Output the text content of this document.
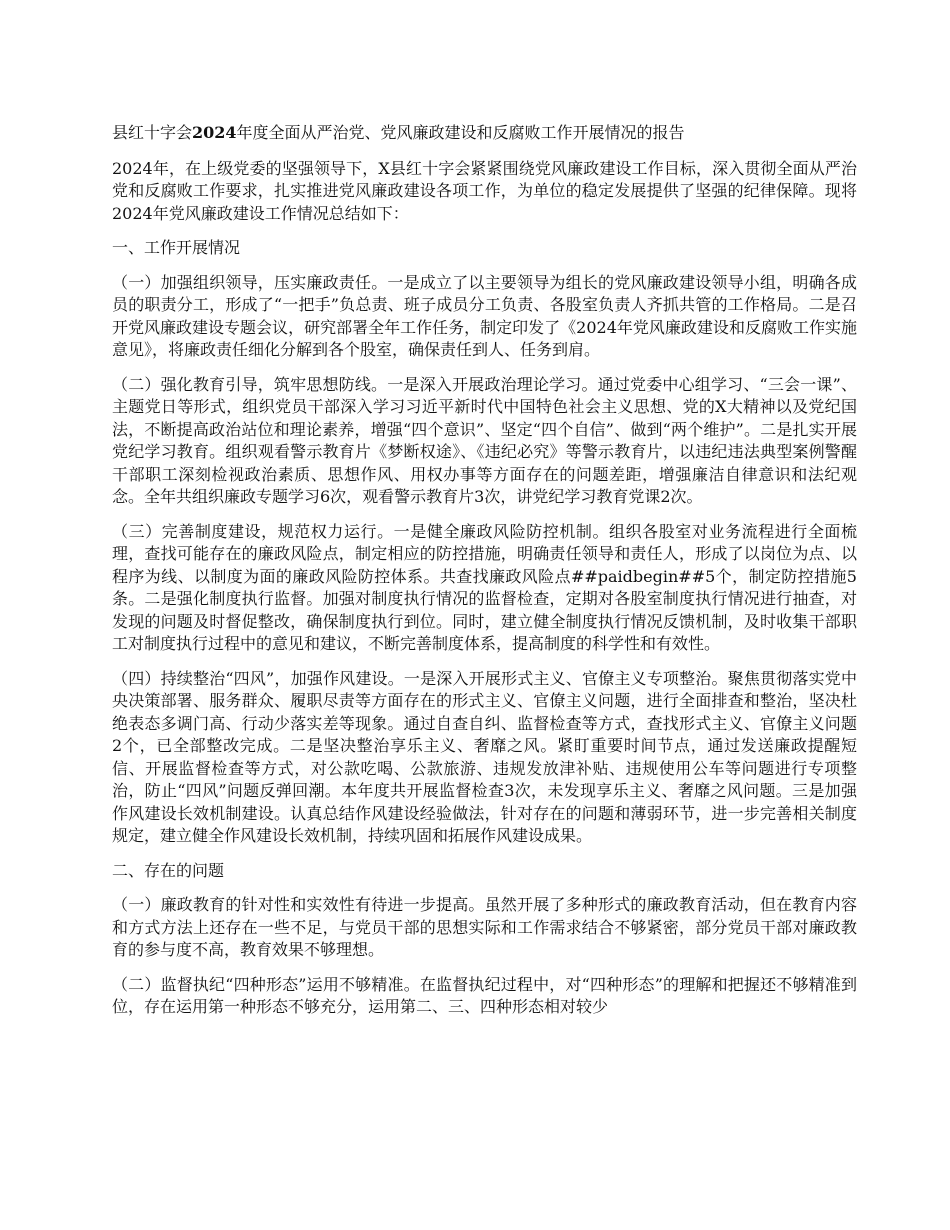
县红十字会2024年度全面从严治党、党风廉政建设和反腐败工作开展情况的报告

2024年，在上级党委的坚强领导下，X县红十字会紧紧围绕党风廉政建设工作目标，深入贯彻全面从严治党和反腐败工作要求，扎实推进党风廉政建设各项工作，为单位的稳定发展提供了坚强的纪律保障。现将2024年党风廉政建设工作情况总结如下：

一、工作开展情况

（一）加强组织领导，压实廉政责任。一是成立了以主要领导为组长的党风廉政建设领导小组，明确各成员的职责分工，形成了“一把手”负总责、班子成员分工负责、各股室负责人齐抓共管的工作格局。二是召开党风廉政建设专题会议，研究部署全年工作任务，制定印发了《2024年党风廉政建设和反腐败工作实施意见》，将廉政责任细化分解到各个股室，确保责任到人、任务到肩。

（二）强化教育引导，筑牢思想防线。一是深入开展政治理论学习。通过党委中心组学习、“三会一课”、主题党日等形式，组织党员干部深入学习习近平新时代中国特色社会主义思想、党的X大精神以及党纪国法，不断提高政治站位和理论素养，增强“四个意识”、坚定“四个自信”、做到“两个维护”。二是扎实开展党纪学习教育。组织观看警示教育片《梦断权途》、《违纪必究》等警示教育片，以违纪违法典型案例警醒干部职工深刻检视政治素质、思想作风、用权办事等方面存在的问题差距，增强廉洁自律意识和法纪观念。全年共组织廉政专题学习6次，观看警示教育片3次，讲党纪学习教育党课2次。

（三）完善制度建设，规范权力运行。一是健全廉政风险防控机制。组织各股室对业务流程进行全面梳理，查找可能存在的廉政风险点，制定相应的防控措施，明确责任领导和责任人，形成了以岗位为点、以程序为线、以制度为面的廉政风险防控体系。共查找廉政风险点##paidbegin##5个，制定防控措施5条。二是强化制度执行监督。加强对制度执行情况的监督检查，定期对各股室制度执行情况进行抽查，对发现的问题及时督促整改，确保制度执行到位。同时，建立健全制度执行情况反馈机制，及时收集干部职工对制度执行过程中的意见和建议，不断完善制度体系，提高制度的科学性和有效性。

（四）持续整治“四风”，加强作风建设。一是深入开展形式主义、官僚主义专项整治。聚焦贯彻落实党中央决策部署、服务群众、履职尽责等方面存在的形式主义、官僚主义问题，进行全面排查和整治，坚决杜绝表态多调门高、行动少落实差等现象。通过自查自纠、监督检查等方式，查找形式主义、官僚主义问题2个，已全部整改完成。二是坚决整治享乐主义、奢靡之风。紧盯重要时间节点，通过发送廉政提醒短信、开展监督检查等方式，对公款吃喝、公款旅游、违规发放津补贴、违规使用公车等问题进行专项整治，防止“四风”问题反弹回潮。本年度共开展监督检查3次，未发现享乐主义、奢靡之风问题。三是加强作风建设长效机制建设。认真总结作风建设经验做法，针对存在的问题和薄弱环节，进一步完善相关制度规定，建立健全作风建设长效机制，持续巩固和拓展作风建设成果。

二、存在的问题

（一）廉政教育的针对性和实效性有待进一步提高。虽然开展了多种形式的廉政教育活动，但在教育内容和方式方法上还存在一些不足，与党员干部的思想实际和工作需求结合不够紧密，部分党员干部对廉政教育的参与度不高，教育效果不够理想。

（二）监督执纪“四种形态”运用不够精准。在监督执纪过程中，对“四种形态”的理解和把握还不够精准到位，存在运用第一种形态不够充分，运用第二、三、四种形态相对较少
